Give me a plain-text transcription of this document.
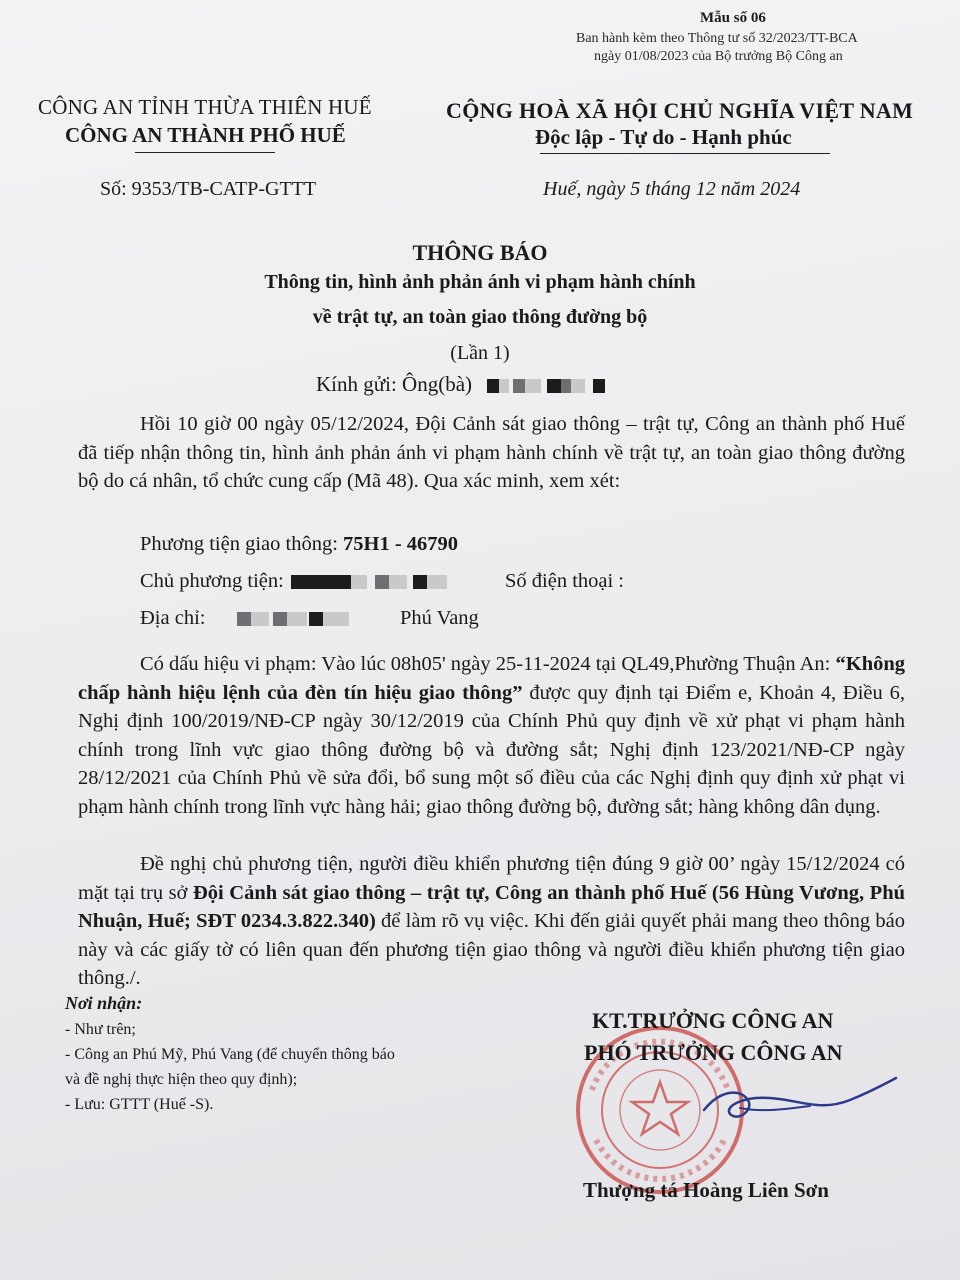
Mẫu số 06
Ban hành kèm theo Thông tư số 32/2023/TT-BCA
ngày 01/08/2023 của Bộ trưởng Bộ Công an
CÔNG AN TỈNH THỪA THIÊN HUẾ
CÔNG AN THÀNH PHỐ HUẾ
CỘNG HOÀ XÃ HỘI CHỦ NGHĨA VIỆT NAM
Độc lập - Tự do - Hạnh phúc
Số: 9353/TB-CATP-GTTT	Huế, ngày 5 tháng 12 năm 2024
THÔNG BÁO
Thông tin, hình ảnh phản ánh vi phạm hành chính
về trật tự, an toàn giao thông đường bộ
(Lần 1)
Kính gửi: Ông(bà)
Hồi 10 giờ 00 ngày 05/12/2024, Đội Cảnh sát giao thông – trật tự, Công an thành phố Huế đã tiếp nhận thông tin, hình ảnh phản ánh vi phạm hành chính về trật tự, an toàn giao thông đường bộ do cá nhân, tổ chức cung cấp (Mã 48). Qua xác minh, xem xét:
Phương tiện giao thông: 75H1 - 46790
Chủ phương tiện:	Số điện thoại :
Địa chỉ:	Phú Vang
Có dấu hiệu vi phạm: Vào lúc 08h05' ngày 25-11-2024 tại QL49,Phường Thuận An: “Không chấp hành hiệu lệnh của đèn tín hiệu giao thông” được quy định tại Điểm e, Khoản 4, Điều 6, Nghị định 100/2019/NĐ-CP ngày 30/12/2019 của Chính Phủ quy định về xử phạt vi phạm hành chính trong lĩnh vực giao thông đường bộ và đường sắt; Nghị định 123/2021/NĐ-CP ngày 28/12/2021 của Chính Phủ về sửa đổi, bổ sung một số điều của các Nghị định quy định xử phạt vi phạm hành chính trong lĩnh vực hàng hải; giao thông đường bộ, đường sắt; hàng không dân dụng.
Đề nghị chủ phương tiện, người điều khiển phương tiện đúng 9 giờ 00’ ngày 15/12/2024 có mặt tại trụ sở Đội Cảnh sát giao thông – trật tự, Công an thành phố Huế (56 Hùng Vương, Phú Nhuận, Huế; SĐT 0234.3.822.340) để làm rõ vụ việc. Khi đến giải quyết phải mang theo thông báo này và các giấy tờ có liên quan đến phương tiện giao thông và người điều khiển phương tiện giao thông./.
Nơi nhận:
- Như trên;
- Công an Phú Mỹ, Phú Vang (để chuyển thông báo
và đề nghị thực hiện theo quy định);
- Lưu: GTTT (Huế -S).
KT.TRƯỞNG CÔNG AN
PHÓ TRƯỞNG CÔNG AN
Thượng tá Hoàng Liên Sơn
